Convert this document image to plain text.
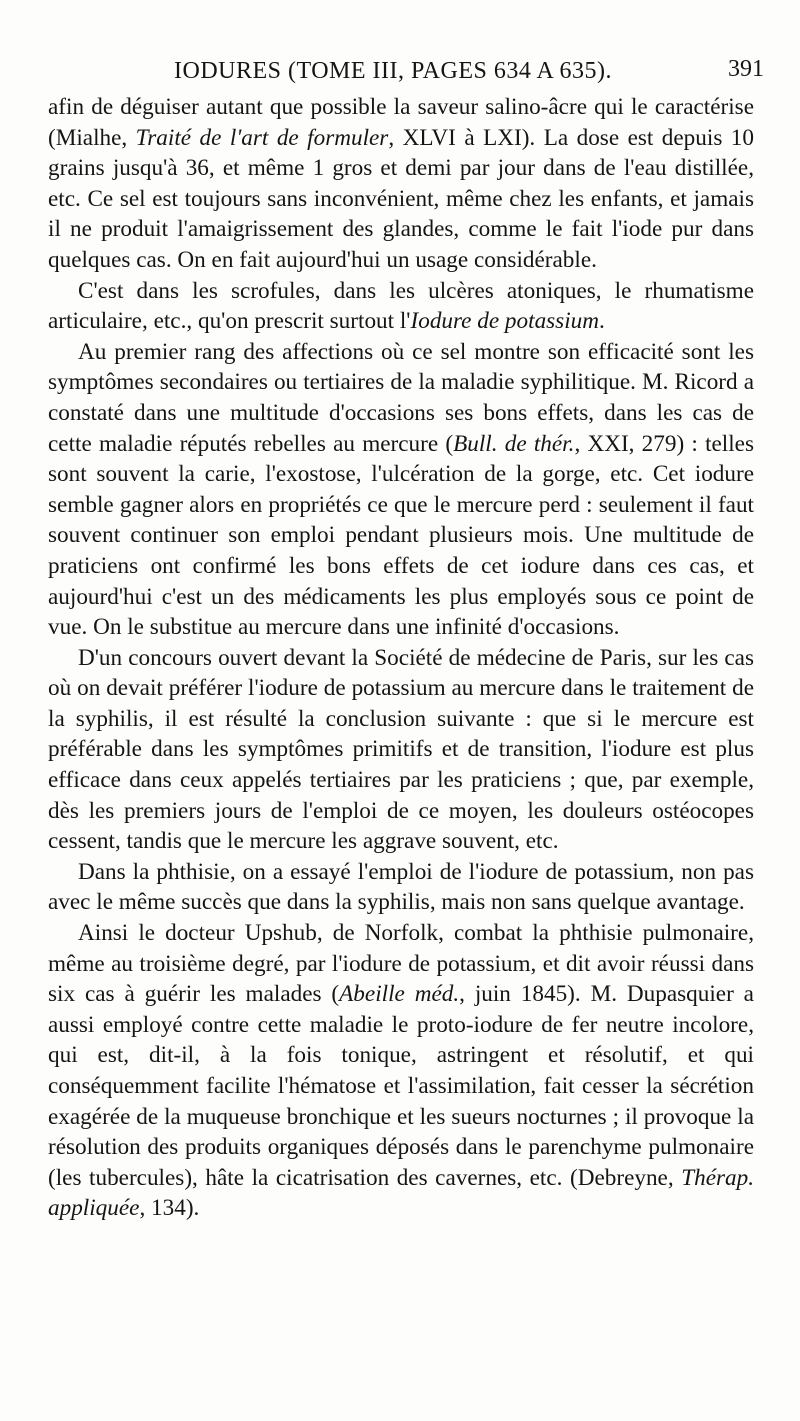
IODURES (TOME III, PAGES 634 A 635).	391

afin de déguiser autant que possible la saveur salino-âcre qui le caractérise (Mialhe, Traité de l'art de formuler, XLVI à LXI). La dose est depuis 10 grains jusqu'à 36, et même 1 gros et demi par jour dans de l'eau distillée, etc. Ce sel est toujours sans inconvénient, même chez les enfants, et jamais il ne produit l'amaigrissement des glandes, comme le fait l'iode pur dans quelques cas. On en fait aujourd'hui un usage considérable.

C'est dans les scrofules, dans les ulcères atoniques, le rhumatisme articulaire, etc., qu'on prescrit surtout l'Iodure de potassium.

Au premier rang des affections où ce sel montre son efficacité sont les symptômes secondaires ou tertiaires de la maladie syphilitique. M. Ricord a constaté dans une multitude d'occasions ses bons effets, dans les cas de cette maladie réputés rebelles au mercure (Bull. de thér., XXI, 279) : telles sont souvent la carie, l'exostose, l'ulcération de la gorge, etc. Cet iodure semble gagner alors en propriétés ce que le mercure perd : seulement il faut souvent continuer son emploi pendant plusieurs mois. Une multitude de praticiens ont confirmé les bons effets de cet iodure dans ces cas, et aujourd'hui c'est un des médicaments les plus employés sous ce point de vue. On le substitue au mercure dans une infinité d'occasions.

D'un concours ouvert devant la Société de médecine de Paris, sur les cas où on devait préférer l'iodure de potassium au mercure dans le traitement de la syphilis, il est résulté la conclusion suivante : que si le mercure est préférable dans les symptômes primitifs et de transition, l'iodure est plus efficace dans ceux appelés tertiaires par les praticiens ; que, par exemple, dès les premiers jours de l'emploi de ce moyen, les douleurs ostéocopes cessent, tandis que le mercure les aggrave souvent, etc.

Dans la phthisie, on a essayé l'emploi de l'iodure de potassium, non pas avec le même succès que dans la syphilis, mais non sans quelque avantage.

Ainsi le docteur Upshub, de Norfolk, combat la phthisie pulmonaire, même au troisième degré, par l'iodure de potassium, et dit avoir réussi dans six cas à guérir les malades (Abeille méd., juin 1845). M. Dupasquier a aussi employé contre cette maladie le proto-iodure de fer neutre incolore, qui est, dit-il, à la fois tonique, astringent et résolutif, et qui conséquemment facilite l'hématose et l'assimilation, fait cesser la sécrétion exagérée de la muqueuse bronchique et les sueurs nocturnes ; il provoque la résolution des produits organiques déposés dans le parenchyme pulmonaire (les tubercules), hâte la cicatrisation des cavernes, etc. (Debreyne, Thérap. appliquée, 134).
